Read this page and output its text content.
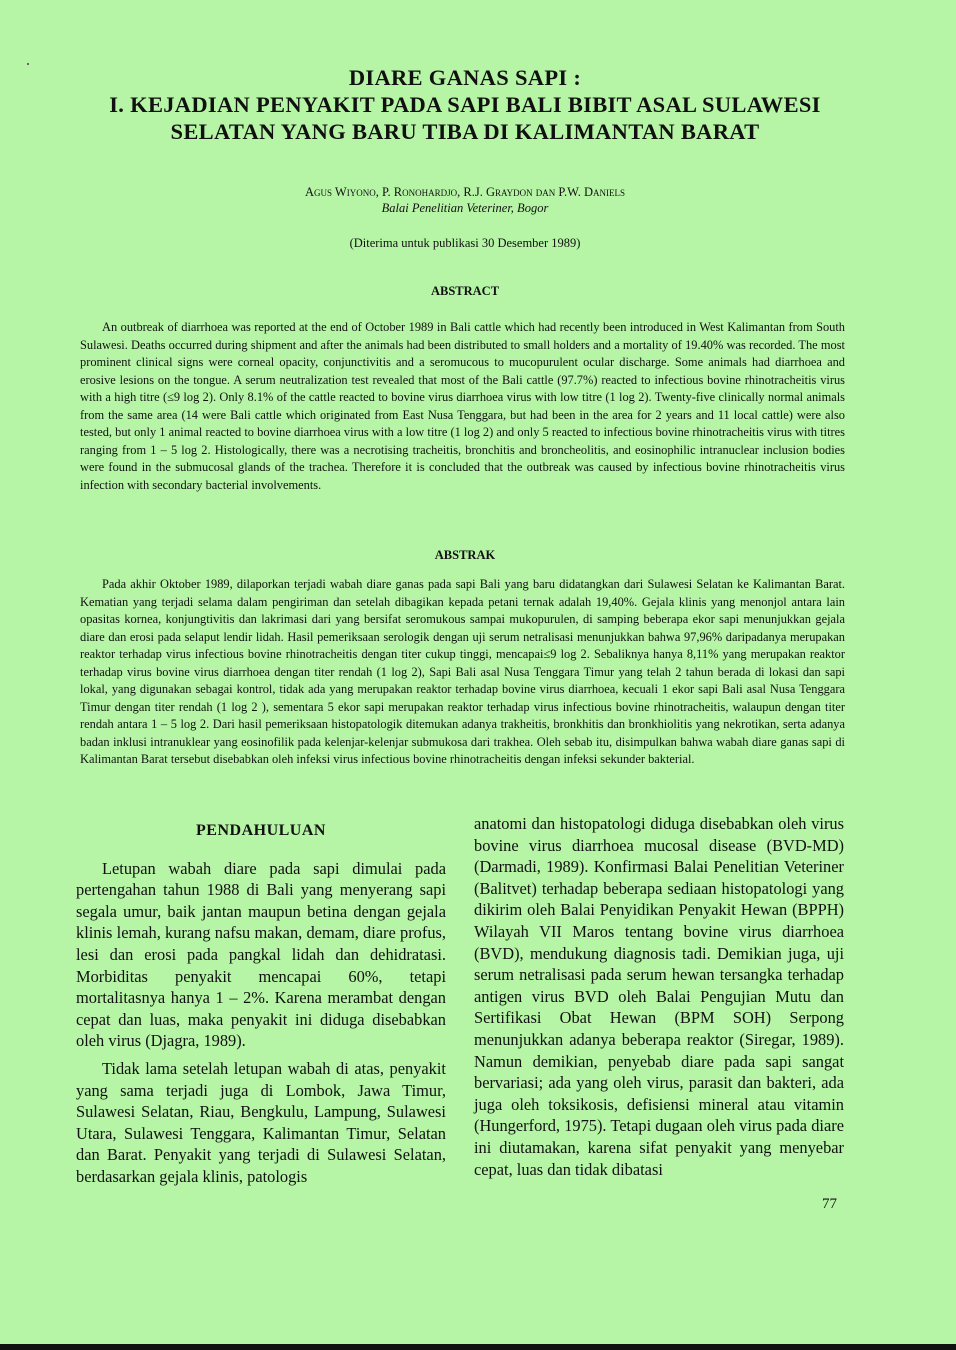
DIARE GANAS SAPI :
I. KEJADIAN PENYAKIT PADA SAPI BALI BIBIT ASAL SULAWESI
SELATAN YANG BARU TIBA DI KALIMANTAN BARAT

Agus Wiyono, P. Ronohardjo, R.J. Graydon dan P.W. Daniels

Balai Penelitian Veteriner, Bogor

(Diterima untuk publikasi 30 Desember 1989)

ABSTRACT

An outbreak of diarrhoea was reported at the end of October 1989 in Bali cattle which had recently been introduced in West Kalimantan from South Sulawesi. Deaths occurred during shipment and after the animals had been distributed to small holders and a mortality of 19.40% was recorded. The most prominent clinical signs were corneal opacity, conjunctivitis and a seromucous to mucopurulent ocular discharge. Some animals had diarrhoea and erosive lesions on the tongue. A serum neutralization test revealed that most of the Bali cattle (97.7%) reacted to infectious bovine rhinotracheitis virus with a high titre (≤9 log 2). Only 8.1% of the cattle reacted to bovine virus diarrhoea virus with low titre (1 log 2). Twenty-five clinically normal animals from the same area (14 were Bali cattle which originated from East Nusa Tenggara, but had been in the area for 2 years and 11 local cattle) were also tested, but only 1 animal reacted to bovine diarrhoea virus with a low titre (1 log 2) and only 5 reacted to infectious bovine rhinotracheitis virus with titres ranging from 1 – 5 log 2. Histologically, there was a necrotising tracheitis, bronchitis and broncheolitis, and eosinophilic intranuclear inclusion bodies were found in the submucosal glands of the trachea. Therefore it is concluded that the outbreak was caused by infectious bovine rhinotracheitis virus infection with secondary bacterial involvements.

ABSTRAK

Pada akhir Oktober 1989, dilaporkan terjadi wabah diare ganas pada sapi Bali yang baru didatangkan dari Sulawesi Selatan ke Kalimantan Barat. Kematian yang terjadi selama dalam pengiriman dan setelah dibagikan kepada petani ternak adalah 19,40%. Gejala klinis yang menonjol antara lain opasitas kornea, konjungtivitis dan lakrimasi dari yang bersifat seromukous sampai mukopurulen, di samping beberapa ekor sapi menunjukkan gejala diare dan erosi pada selaput lendir lidah. Hasil pemeriksaan serologik dengan uji serum netralisasi menunjukkan bahwa 97,96% daripadanya merupakan reaktor terhadap virus infectious bovine rhinotracheitis dengan titer cukup tinggi, mencapai≤9 log 2. Sebaliknya hanya 8,11% yang merupakan reaktor terhadap virus bovine virus diarrhoea dengan titer rendah (1 log 2), Sapi Bali asal Nusa Tenggara Timur yang telah 2 tahun berada di lokasi dan sapi lokal, yang digunakan sebagai kontrol, tidak ada yang merupakan reaktor terhadap bovine virus diarrhoea, kecuali 1 ekor sapi Bali asal Nusa Tenggara Timur dengan titer rendah (1 log 2 ), sementara 5 ekor sapi merupakan reaktor terhadap virus infectious bovine rhinotracheitis, walaupun dengan titer rendah antara 1 – 5 log 2. Dari hasil pemeriksaan histopatologik ditemukan adanya trakheitis, bronkhitis dan bronkhiolitis yang nekrotikan, serta adanya badan inklusi intranuklear yang eosinofilik pada kelenjar-kelenjar submukosa dari trakhea. Oleh sebab itu, disimpulkan bahwa wabah diare ganas sapi di Kalimantan Barat tersebut disebabkan oleh infeksi virus infectious bovine rhinotracheitis dengan infeksi sekunder bakterial.

PENDAHULUAN

Letupan wabah diare pada sapi dimulai pada pertengahan tahun 1988 di Bali yang menyerang sapi segala umur, baik jantan maupun betina dengan gejala klinis lemah, kurang nafsu makan, demam, diare profus, lesi dan erosi pada pangkal lidah dan dehidratasi. Morbiditas penyakit mencapai 60%, tetapi mortalitasnya hanya 1 – 2%. Karena merambat dengan cepat dan luas, maka penyakit ini diduga disebabkan oleh virus (Djagra, 1989).

Tidak lama setelah letupan wabah di atas, penyakit yang sama terjadi juga di Lombok, Jawa Timur, Sulawesi Selatan, Riau, Bengkulu, Lampung, Sulawesi Utara, Sulawesi Tenggara, Kalimantan Timur, Selatan dan Barat. Penyakit yang terjadi di Sulawesi Selatan, berdasarkan gejala klinis, patologis

anatomi dan histopatologi diduga disebabkan oleh virus bovine virus diarrhoea mucosal disease (BVD-MD) (Darmadi, 1989). Konfirmasi Balai Penelitian Veteriner (Balitvet) terhadap beberapa sediaan histopatologi yang dikirim oleh Balai Penyidikan Penyakit Hewan (BPPH) Wilayah VII Maros tentang bovine virus diarrhoea (BVD), mendukung diagnosis tadi. Demikian juga, uji serum netralisasi pada serum hewan tersangka terhadap antigen virus BVD oleh Balai Pengujian Mutu dan Sertifikasi Obat Hewan (BPM SOH) Serpong menunjukkan adanya beberapa reaktor (Siregar, 1989). Namun demikian, penyebab diare pada sapi sangat bervariasi; ada yang oleh virus, parasit dan bakteri, ada juga oleh toksikosis, defisiensi mineral atau vitamin (Hungerford, 1975). Tetapi dugaan oleh virus pada diare ini diutamakan, karena sifat penyakit yang menyebar cepat, luas dan tidak dibatasi

77
